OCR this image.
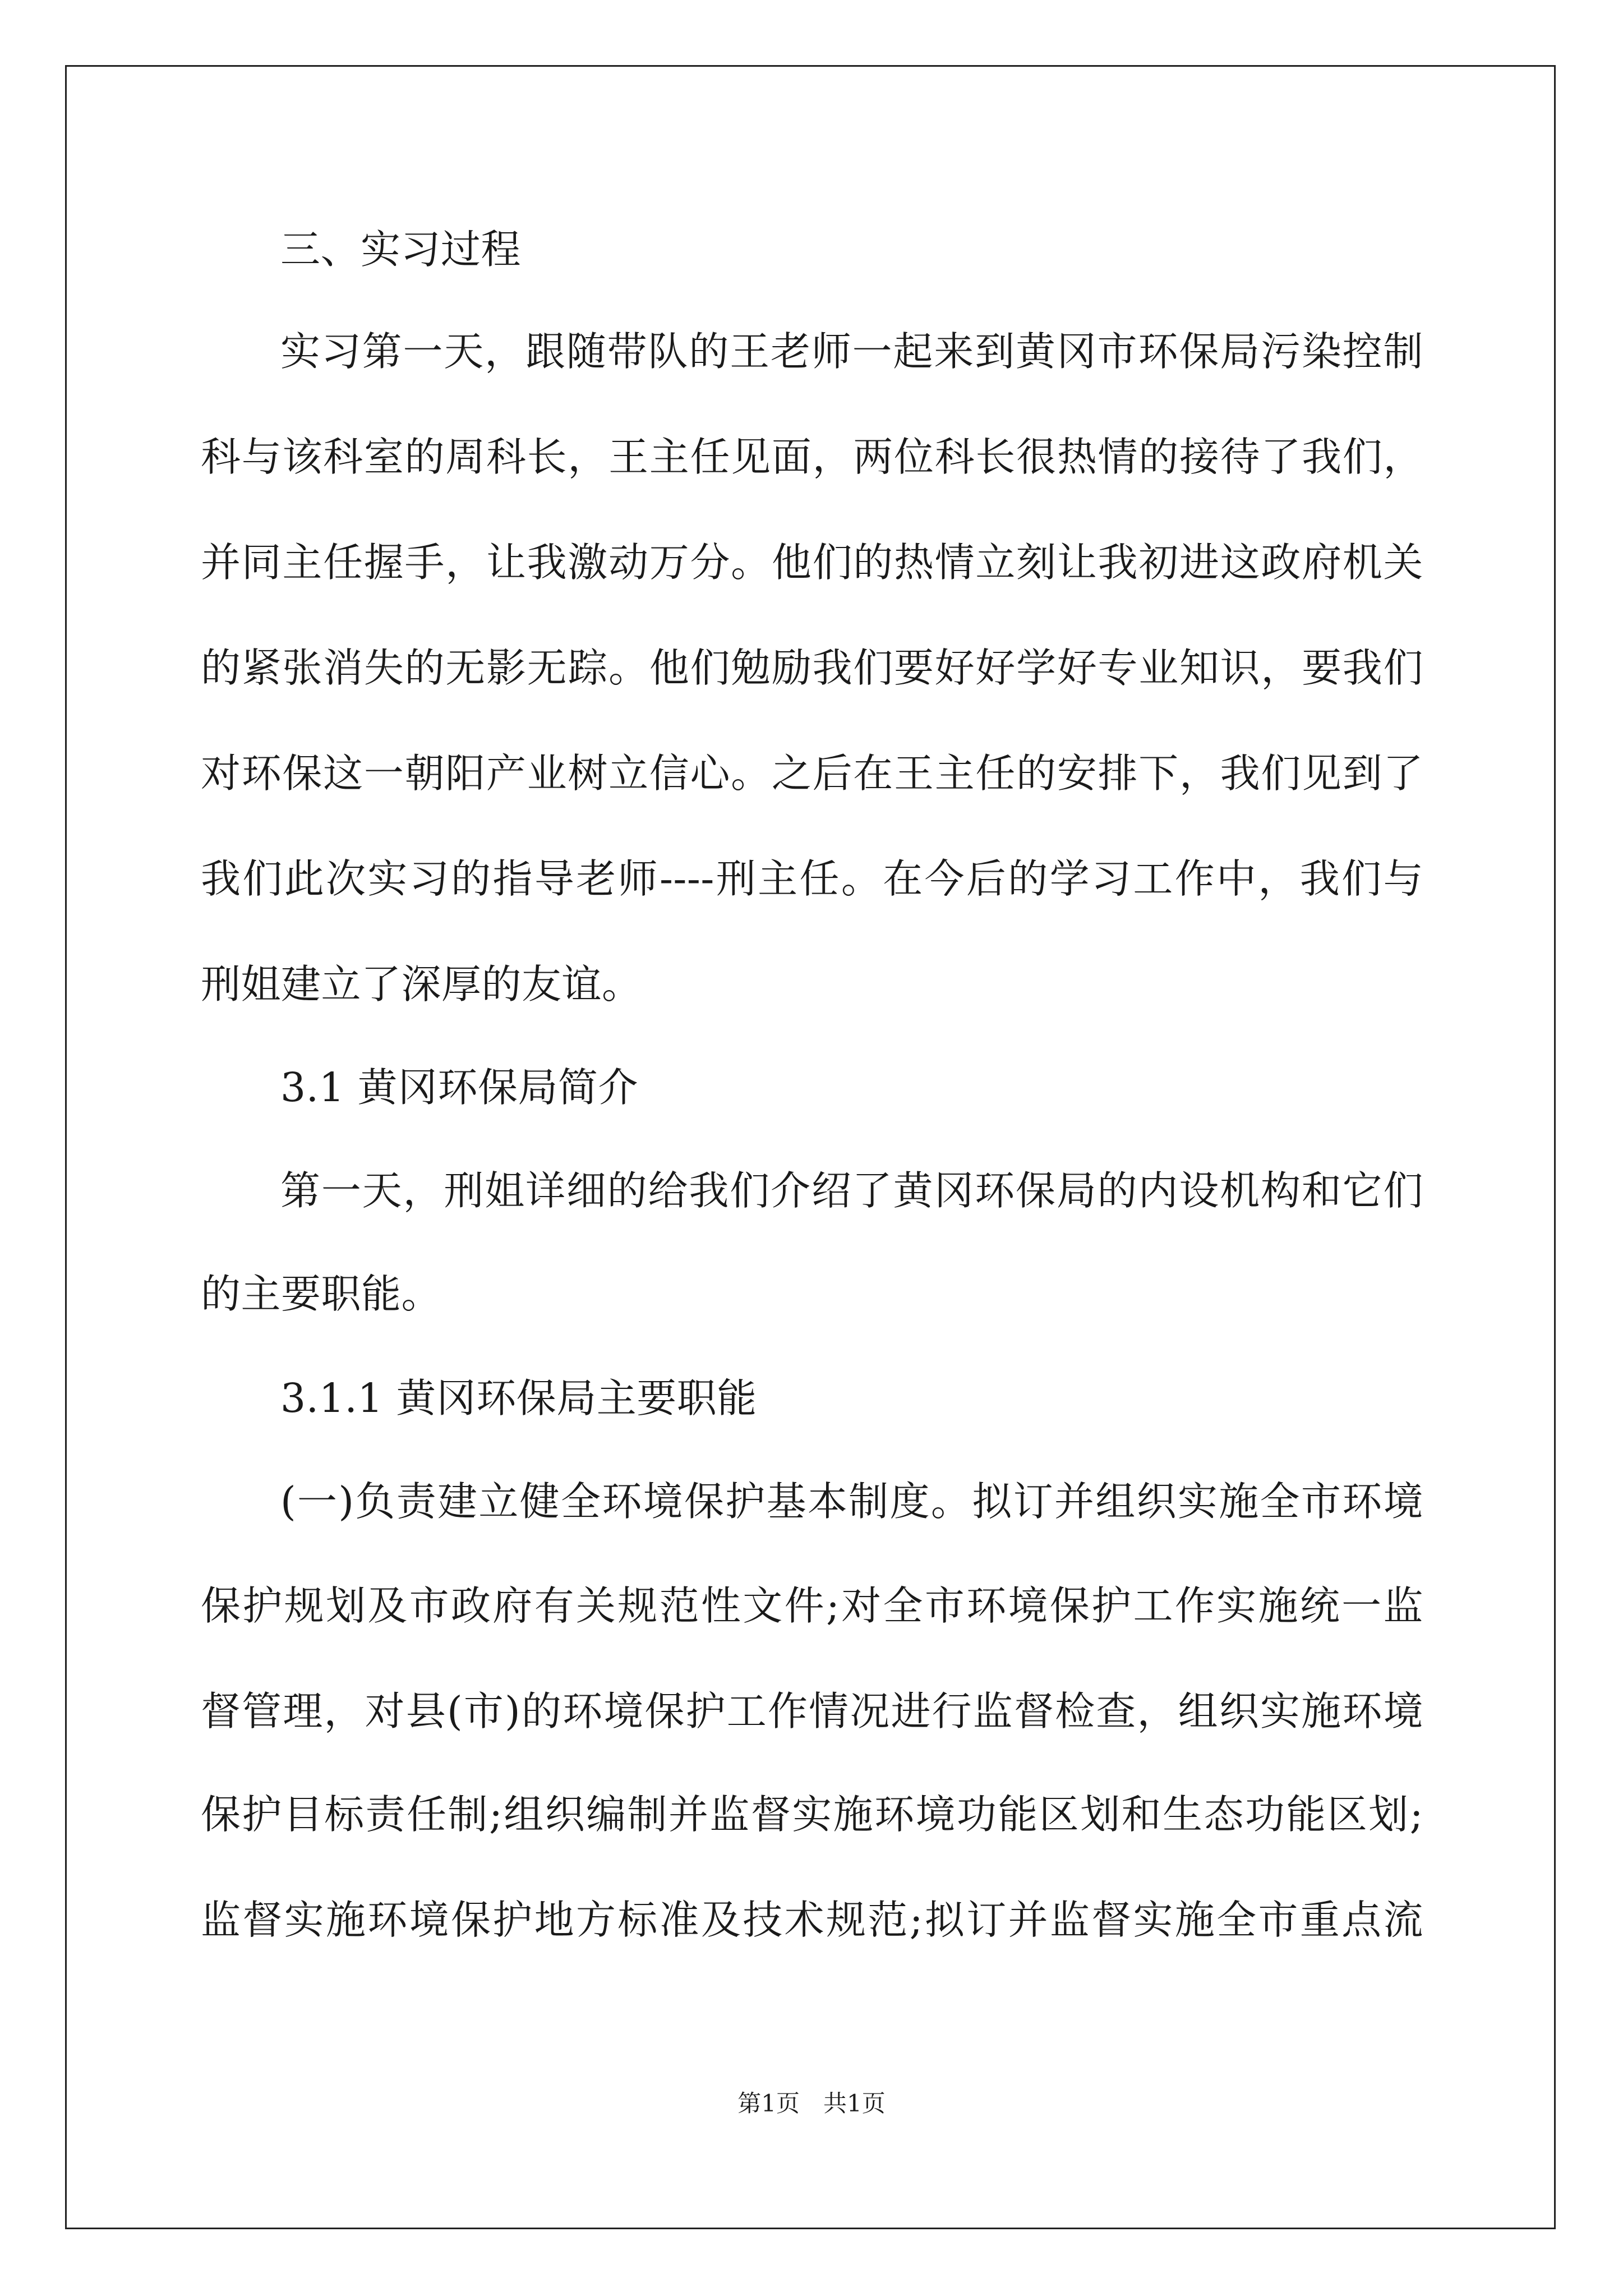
三、实习过程
实习第一天，跟随带队的王老师一起来到黄冈市环保局污染控制
科与该科室的周科长，王主任见面，两位科长很热情的接待了我们，
并同主任握手，让我激动万分。他们的热情立刻让我初进这政府机关
的紧张消失的无影无踪。他们勉励我们要好好学好专业知识，要我们
对环保这一朝阳产业树立信心。之后在王主任的安排下，我们见到了
我们此次实习的指导老师----刑主任。在今后的学习工作中，我们与
刑姐建立了深厚的友谊。
3.1 黄冈环保局简介
第一天，刑姐详细的给我们介绍了黄冈环保局的内设机构和它们
的主要职能。
3.1.1 黄冈环保局主要职能
(一)负责建立健全环境保护基本制度。拟订并组织实施全市环境
保护规划及市政府有关规范性文件;对全市环境保护工作实施统一监
督管理，对县(市)的环境保护工作情况进行监督检查，组织实施环境
保护目标责任制;组织编制并监督实施环境功能区划和生态功能区划;
监督实施环境保护地方标准及技术规范;拟订并监督实施全市重点流
第1页　共1页
